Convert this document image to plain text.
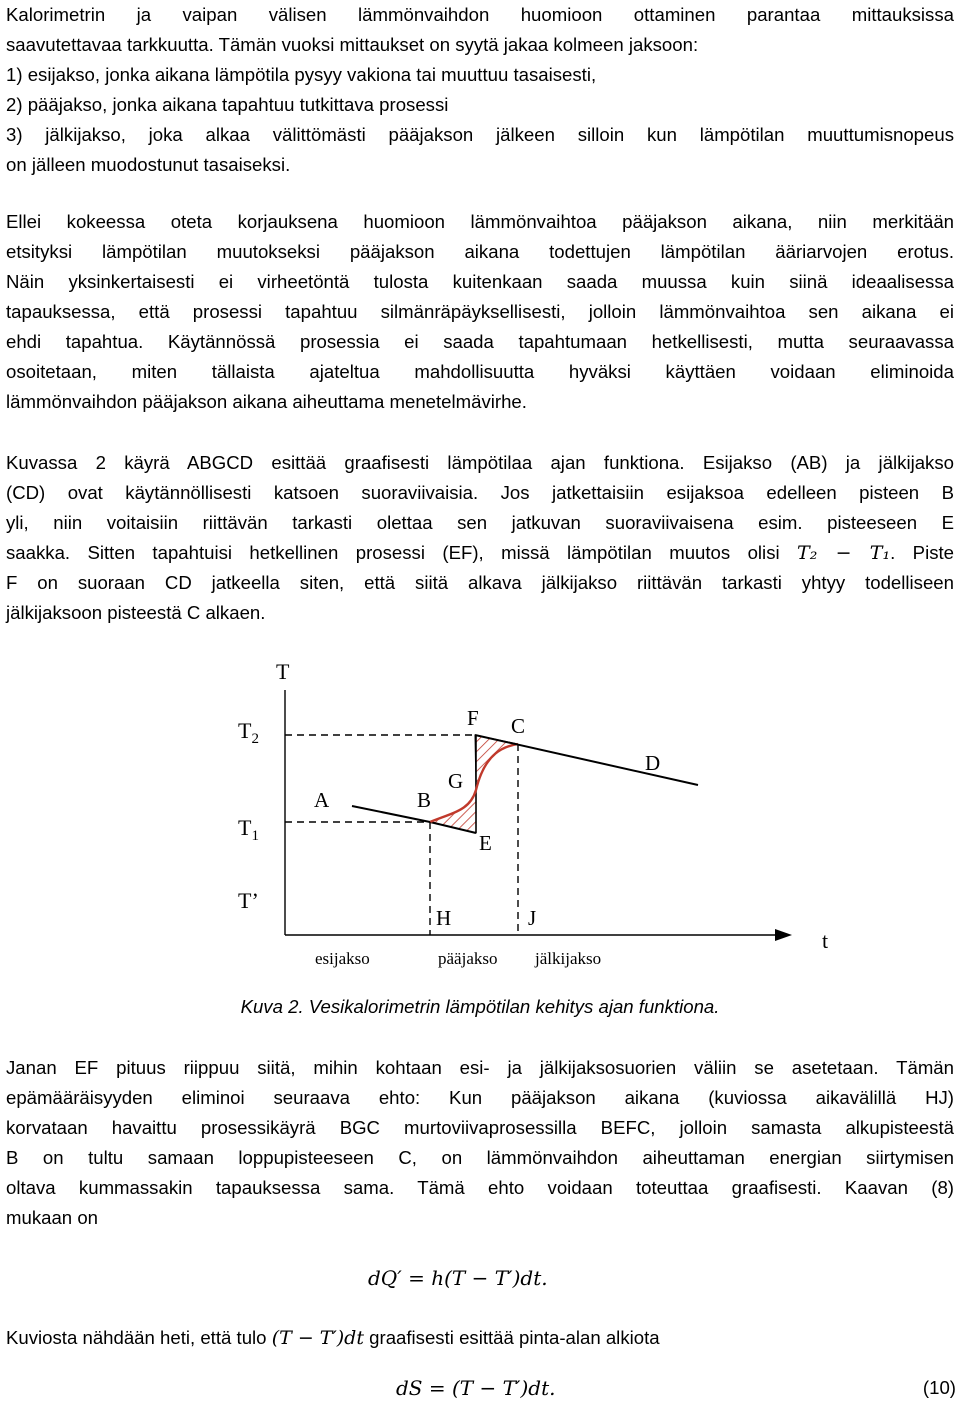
Kalorimetrin ja vaipan välisen lämmönvaihdon huomioon ottaminen parantaa mittauksissa
saavutettavaa tarkkuutta. Tämän vuoksi mittaukset on syytä jakaa kolmeen jaksoon:
1) esijakso, jonka aikana lämpötila pysyy vakiona tai muuttuu tasaisesti,
2) pääjakso, jonka aikana tapahtuu tutkittava prosessi
3) jälkijakso, joka alkaa välittömästi pääjakson jälkeen silloin kun lämpötilan muuttumisnopeus
on jälleen muodostunut tasaiseksi.
Ellei kokeessa oteta korjauksena huomioon lämmönvaihtoa pääjakson aikana, niin merkitään
etsityksi lämpötilan muutokseksi pääjakson aikana todettujen lämpötilan ääriarvojen erotus.
Näin yksinkertaisesti ei virheetöntä tulosta kuitenkaan saada muussa kuin siinä ideaalisessa
tapauksessa, että prosessi tapahtuu silmänräpäyksellisesti, jolloin lämmönvaihtoa sen aikana ei
ehdi tapahtua. Käytännössä prosessia ei saada tapahtumaan hetkellisesti, mutta seuraavassa
osoitetaan, miten tällaista ajateltua mahdollisuutta hyväksi käyttäen voidaan eliminoida
lämmönvaihdon pääjakson aikana aiheuttama menetelmävirhe.
Kuvassa 2 käyrä ABGCD esittää graafisesti lämpötilaa ajan funktiona. Esijakso (AB) ja jälkijakso
(CD) ovat käytännöllisesti katsoen suoraviivaisia. Jos jatkettaisiin esijaksoa edelleen pisteen B
yli, niin voitaisiin riittävän tarkasti olettaa sen jatkuvan suoraviivaisena esim. pisteeseen E
saakka. Sitten tapahtuisi hetkellinen prosessi (EF), missä lämpötilan muutos olisi T₂ − T₁. Piste
F on suoraan CD jatkeella siten, että siitä alkava jälkijakso riittävän tarkasti yhtyy todelliseen
jälkijaksoon pisteestä C alkaen.
T
t
$T_2$
$T_1$
T’
A	B
G
F C
D
E
H	J
esijakso	pääjakso jälkijakso
Kuva 2. Vesikalorimetrin lämpötilan kehitys ajan funktiona.
Janan EF pituus riippuu siitä, mihin kohtaan esi- ja jälkijaksosuorien väliin se asetetaan. Tämän
epämääräisyyden eliminoi seuraava ehto: Kun pääjakson aikana (kuviossa aikavälillä HJ)
korvataan havaittu prosessikäyrä BGC murtoviivaprosessilla BEFC, jolloin samasta alkupisteestä
B on tultu samaan loppupisteeseen C, on lämmönvaihdon aiheuttaman energian siirtymisen
oltava kummassakin tapauksessa sama. Tämä ehto voidaan toteuttaa graafisesti. Kaavan (8)
mukaan on
dQ′ = h(T − T′)dt.
Kuviosta nähdään heti, että tulo (T − T′)dt graafisesti esittää pinta-alan alkiota
dS = (T − T′)dt.	(10)
